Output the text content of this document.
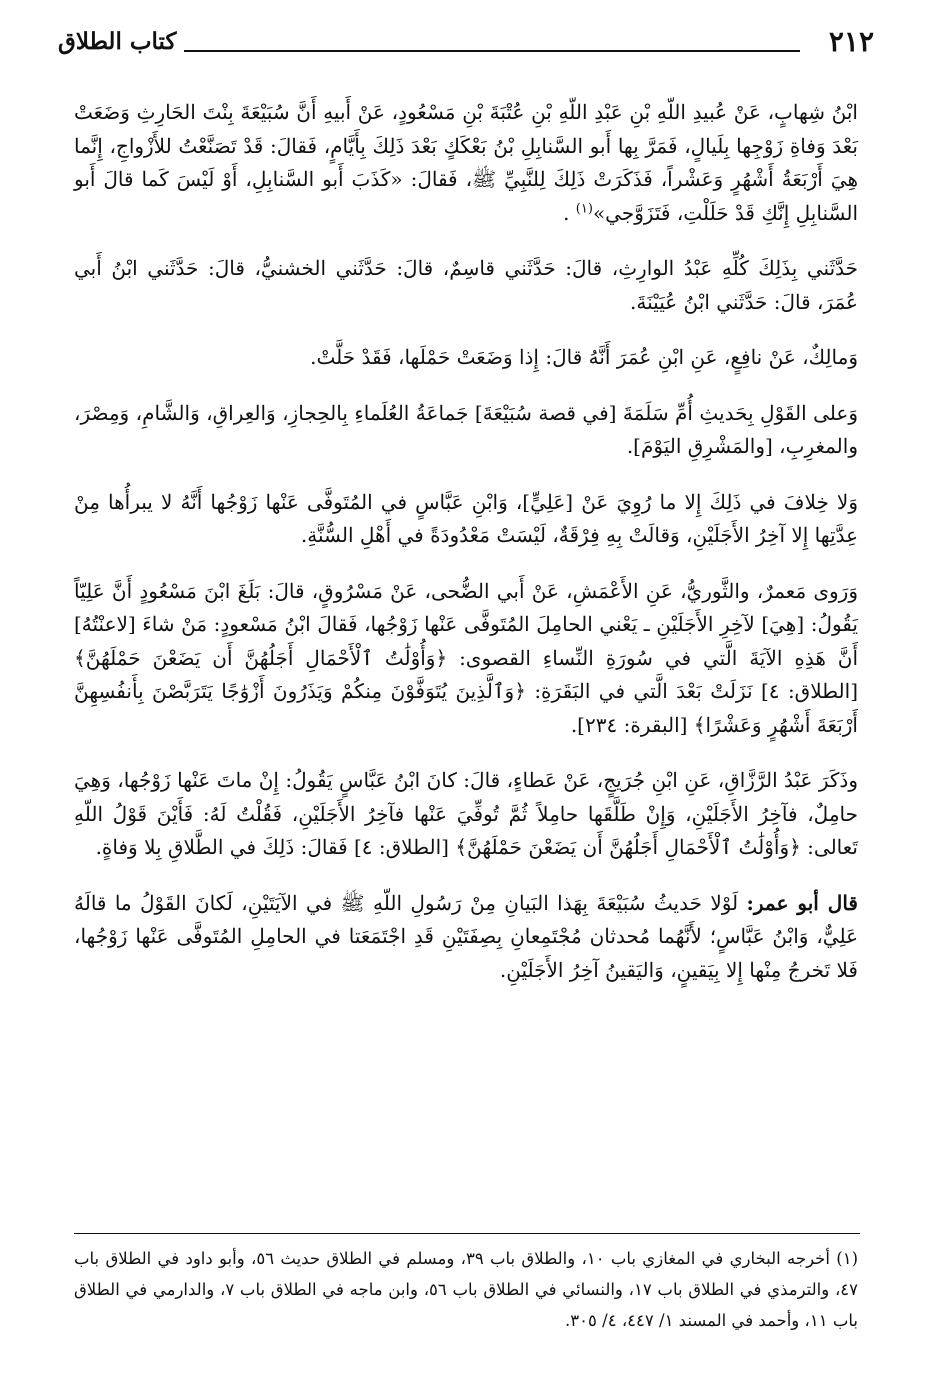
٢١٢
كتاب الطلاق

ابْنُ شِهابٍ، عَنْ عُبيدِ اللّهِ بْنِ عَبْدِ اللّهِ بْنِ عُتْبَةَ بْنِ مَسْعُودٍ، عَنْ أَبيهِ أَنَّ سُبَيْعَةَ بِنْتَ الحَارِثِ وَضَعَتْ بَعْدَ وَفاةِ زَوْجِها بِلَيالٍ، فَمَرَّ بِها أَبو السَّنابِلِ بْنُ بَعْكَكٍ بَعْدَ ذَلِكَ بِأَيَّامٍ، فَقالَ: قَدْ تَصَنَّعْتُ للأَزْواجِ، إِنَّما هِيَ أَرْبَعَةُ أَشْهُرٍ وَعَشْراً، فَذَكَرَتْ ذَلِكَ لِلنَّبِيِّ ﷺ، فَقالَ: «كَذَبَ أَبو السَّنابِلِ، أَوْ لَيْسَ كَما قالَ أَبو السَّنابِلِ إِنَّكِ قَدْ حَلَلْتِ، فَتَزَوَّجي»$^{(١)}$ .

حَدَّثَني بِذَلِكَ كُلِّهِ عَبْدُ الوارِثِ، قالَ: حَدَّثَني قاسِمٌ، قالَ: حَدَّثَني الخشنيُّ، قالَ: حَدَّثَني ابْنُ أَبي عُمَرَ، قالَ: حَدَّثَني ابْنُ عُيَيْنَةَ.

وَمالِكٌ، عَنْ نافِعٍ، عَنِ ابْنِ عُمَرَ أَنَّهُ قالَ: إِذا وَضَعَتْ حَمْلَها، فَقَدْ حَلَّتْ.

وَعلى القَوْلِ بِحَديثِ أُمِّ سَلَمَةَ [في قصة سُبَيْعَةَ] جَماعَةُ العُلَماءِ بِالحِجازِ، وَالعِراقِ، وَالشَّامِ، وَمِصْرَ، والمغرِبِ، [والمَشْرِقِ اليَوْمَ].

وَلا خِلافَ في ذَلِكَ إِلا ما رُوِيَ عَنْ [عَلِيٍّ]، وَابْنِ عَبَّاسٍ في المُتَوفَّى عَنْها زَوْجُها أَنَّهُ لا يبرأُها مِنْ عِدَّتِها إِلا آخِرُ الأَجَلَيْنِ، وَقالَتْ بِهِ فِرْقَةٌ، لَيْسَتْ مَعْدُودَةً في أَهْلِ السُّنَّةِ.

وَرَوى مَعمرٌ، والثَّوريُّ، عَنِ الأَعْمَشِ، عَنْ أَبي الضُّحى، عَنْ مَسْرُوقٍ، قالَ: بَلَغَ ابْنَ مَسْعُودٍ أَنَّ عَلِيّاً يَقُولُ: [هِيَ] لآخِرِ الأَجَلَيْنِ ـ يَعْني الحامِلَ المُتَوفَّى عَنْها زَوْجُها، فَقالَ ابْنُ مَسْعودٍ: مَنْ شاءَ [لاعنْتُهُ] أَنَّ هَذِهِ الآيَةَ الَّتي في سُورَةِ النِّساءِ القصوى: ﴿وَأُوْلَٰتُ ٱلْأَحْمَالِ أَجَلُهُنَّ أَن يَضَعْنَ حَمْلَهُنَّ﴾ [الطلاق: ٤] نَزَلَتْ بَعْدَ الَّتي في البَقَرَةِ: ﴿وَٱلَّذِينَ يُتَوَفَّوْنَ مِنكُمْ وَيَذَرُونَ أَزْوَٰجًا يَتَرَبَّصْنَ بِأَنفُسِهِنَّ أَرْبَعَةَ أَشْهُرٍ وَعَشْرًا﴾ [البقرة: ٢٣٤].

وذَكَرَ عَبْدُ الرَّزَّاقِ، عَنِ ابْنِ جُرَيجٍ، عَنْ عَطاءٍ، قالَ: كانَ ابْنُ عَبَّاسٍ يَقُولُ: إِنْ ماتَ عَنْها زَوْجُها، وَهِيَ حامِلٌ، فآخِرُ الأَجَلَيْنِ، وَإِنْ طَلَّقَها حامِلاً ثُمَّ تُوفِّيَ عَنْها فآخِرُ الأَجَلَيْنِ، فَقُلْتُ لَهُ: فَأَيْنَ قَوْلُ اللّهِ تَعالى: ﴿وَأُوْلَٰتُ ٱلْأَحْمَالِ أَجَلُهُنَّ أَن يَضَعْنَ حَمْلَهُنَّ﴾ [الطلاق: ٤] فَقالَ: ذَلِكَ في الطَّلاقِ بِلا وَفاةٍ.

قال أبو عمر: لَوْلا حَديثُ سُبَيْعَةَ بِهَذا البَيانِ مِنْ رَسُولِ اللّهِ ﷺ في الآيَتَيْنِ، لَكانَ القَوْلُ ما قالَهُ عَلِيٌّ، وَابْنُ عَبَّاسٍ؛ لأَنَّهُما مُحدثان مُجْتَمِعانِ بِصِفَتَيْنِ قَدِ اجْتَمَعَتا في الحامِلِ المُتَوفَّى عَنْها زَوْجُها، فَلا تَخرجُ مِنْها إِلا بِيَقينٍ، وَاليَقينُ آخِرُ الأَجَلَيْنِ.

(١) أخرجه البخاري في المغازي باب ١٠، والطلاق باب ٣٩، ومسلم في الطلاق حديث ٥٦، وأبو داود في الطلاق باب ٤٧، والترمذي في الطلاق باب ١٧، والنسائي في الطلاق باب ٥٦، وابن ماجه في الطلاق باب ٧، والدارمي في الطلاق باب ١١، وأحمد في المسند ١/ ٤٤٧، ٤/ ٣٠٥.
